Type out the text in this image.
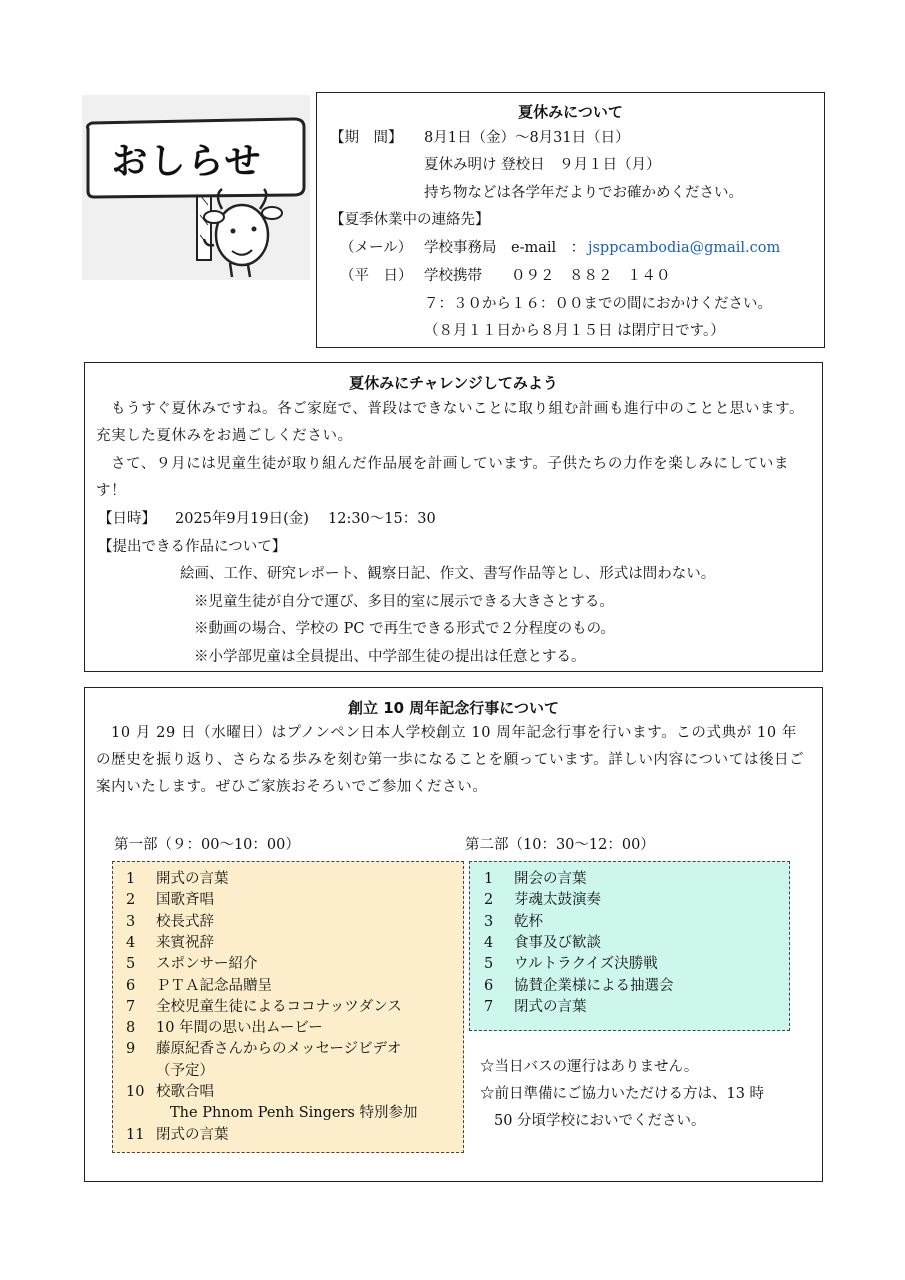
おしらせ
夏休みについて
【期　間】 8月1日（金）～8月31日（日）
夏休み明け 登校日　９月１日（月）
持ち物などは各学年だよりでお確かめください。
【夏季休業中の連絡先】
（メール） 学校事務局　e-mail　： jsppcambodia@gmail.com
（平　日） 学校携帯　　０９２　８８２　１４０
７：３０から１６：００までの間におかけください。
（８月１１日から８月１５日 は閉庁日です。）
夏休みにチャレンジしてみよう
もうすぐ夏休みですね。各ご家庭で、普段はできないことに取り組む計画も進行中のことと思います。充実した夏休みをお過ごしください。
さて、９月には児童生徒が取り組んだ作品展を計画しています。子供たちの力作を楽しみにしています！
【日時】 2025年9月19日(金)　 12:30～15：30
【提出できる作品について】
絵画、工作、研究レポート、観察日記、作文、書写作品等とし、形式は問わない。
※児童生徒が自分で運び、多目的室に展示できる大きさとする。
※動画の場合、学校の PC で再生できる形式で２分程度のもの。
※小学部児童は全員提出、中学部生徒の提出は任意とする。
創立 10 周年記念行事について
10 月 29 日（水曜日）はプノンペン日本人学校創立 10 周年記念行事を行います。この式典が 10 年の歴史を振り返り、さらなる歩みを刻む第一歩になることを願っています。詳しい内容については後日ご案内いたします。ぜひご家族おそろいでご参加ください。
第一部（９：00～10：00）	第二部（10：30～12：00）
1 開式の言葉
2 国歌斉唱
3 校長式辞
4 来賓祝辞
5 スポンサー紹介
6 ＰＴＡ記念品贈呈
7 全校児童生徒によるココナッツダンス
8 10 年間の思い出ムービー
9 藤原紀香さんからのメッセージビデオ
（予定）
10 校歌合唱
The Phnom Penh Singers 特別参加
11 閉式の言葉
1 開会の言葉
2 芽魂太鼓演奏
3 乾杯
4 食事及び歓談
5 ウルトラクイズ決勝戦
6 協賛企業様による抽選会
7 閉式の言葉
☆当日バスの運行はありません。
☆前日準備にご協力いただける方は、13 時
50 分頃学校においでください。
